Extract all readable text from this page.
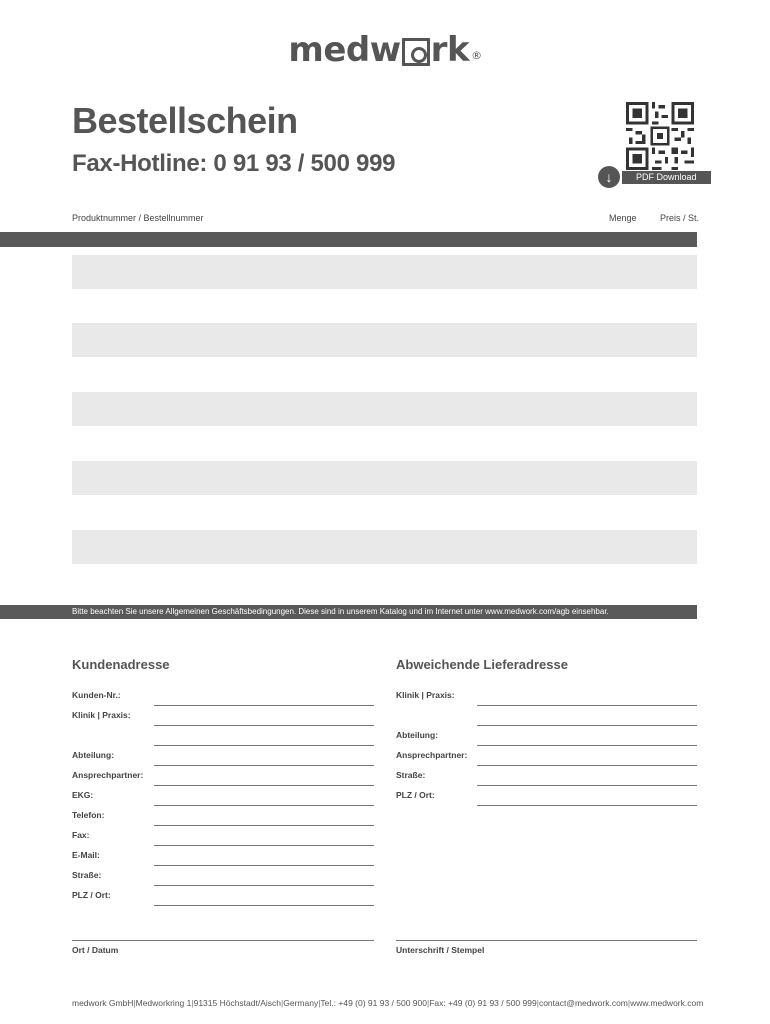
medw rk ®
Bestellschein
Fax-Hotline: 0 91 93 / 500 999	↓	PDF Download
Produktnummer / Bestellnummer	Menge	Preis / St.
Bitte beachten Sie unsere Allgemeinen Geschäftsbedingungen. Diese sind in unserem Katalog und im Internet unter www.medwork.com/agb einsehbar.
Kundenadresse
Kunden-Nr.:
Klinik | Praxis:
Abteilung:
Ansprechpartner:
EKG:
Telefon:
Fax:
E-Mail:
Straße:
PLZ / Ort:
Ort / Datum
Abweichende Lieferadresse
Klinik | Praxis:
Abteilung:
Ansprechpartner:
Straße:
PLZ / Ort:
Unterschrift / Stempel
medwork GmbH | Medworkring 1 | 91315 Höchstadt/Aisch | Germany | Tel.: +49 (0) 91 93 / 500 900 | Fax: +49 (0) 91 93 / 500 999 | contact@medwork.com | www.medwork.com
